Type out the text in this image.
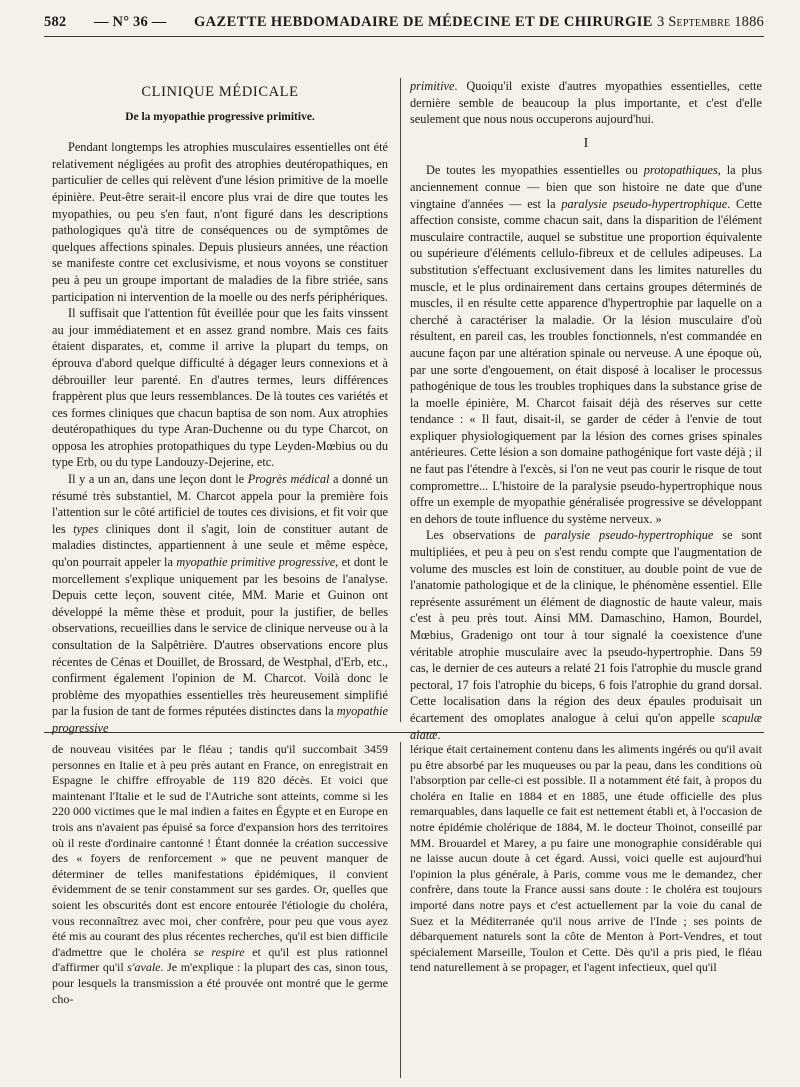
582 — N° 36 — GAZETTE HEBDOMADAIRE DE MÉDECINE ET DE CHIRURGIE 3 Septembre 1886
CLINIQUE MÉDICALE
De la myopathie progressive primitive.

Pendant longtemps les atrophies musculaires essentielles ont été relativement négligées au profit des atrophies deutéropathiques, en particulier de celles qui relèvent d'une lésion primitive de la moelle épinière. Peut-être serait-il encore plus vrai de dire que toutes les myopathies, ou peu s'en faut, n'ont figuré dans les descriptions pathologiques qu'à titre de conséquences ou de symptômes de quelques affections spinales. Depuis plusieurs années, une réaction se manifeste contre cet exclusivisme, et nous voyons se constituer peu à peu un groupe important de maladies de la fibre striée, sans participation ni intervention de la moelle ou des nerfs périphériques.

Il suffisait que l'attention fût éveillée pour que les faits vinssent au jour immédiatement et en assez grand nombre. Mais ces faits étaient disparates, et, comme il arrive la plupart du temps, on éprouva d'abord quelque difficulté à dégager leurs connexions et à débrouiller leur parenté. En d'autres termes, leurs différences frappèrent plus que leurs ressemblances. De là toutes ces variétés et ces formes cliniques que chacun baptisa de son nom. Aux atrophies deutéropathiques du type Aran-Duchenne ou du type Charcot, on opposa les atrophies protopathiques du type Leyden-Mœbius ou du type Erb, ou du type Landouzy-Dejerine, etc.

Il y a un an, dans une leçon dont le Progrès médical a donné un résumé très substantiel, M. Charcot appela pour la première fois l'attention sur le côté artificiel de toutes ces divisions, et fit voir que les types cliniques dont il s'agit, loin de constituer autant de maladies distinctes, appartiennent à une seule et même espèce, qu'on pourrait appeler la myopathie primitive progressive, et dont le morcellement s'explique uniquement par les besoins de l'analyse. Depuis cette leçon, souvent citée, MM. Marie et Guinon ont développé la même thèse et produit, pour la justifier, de belles observations, recueillies dans le service de clinique nerveuse ou à la consultation de la Salpêtrière. D'autres observations encore plus récentes de Cénas et Douillet, de Brossard, de Westphal, d'Erb, etc., confirment également l'opinion de M. Charcot. Voilà donc le problème des myopathies essentielles très heureusement simplifié par la fusion de tant de formes réputées distinctes dans la myopathie progressive

primitive. Quoiqu'il existe d'autres myopathies essentielles, cette dernière semble de beaucoup la plus importante, et c'est d'elle seulement que nous nous occuperons aujourd'hui.

I

De toutes les myopathies essentielles ou protopathiques, la plus anciennement connue — bien que son histoire ne date que d'une vingtaine d'années — est la paralysie pseudo-hypertrophique. Cette affection consiste, comme chacun sait, dans la disparition de l'élément musculaire contractile, auquel se substitue une proportion équivalente ou supérieure d'éléments cellulo-fibreux et de cellules adipeuses. La substitution s'effectuant exclusivement dans les limites naturelles du muscle, et le plus ordinairement dans certains groupes déterminés de muscles, il en résulte cette apparence d'hypertrophie par laquelle on a cherché à caractériser la maladie. Or la lésion musculaire d'où résultent, en pareil cas, les troubles fonctionnels, n'est commandée en aucune façon par une altération spinale ou nerveuse. A une époque où, par une sorte d'engouement, on était disposé à localiser le processus pathogénique de tous les troubles trophiques dans la substance grise de la moelle épinière, M. Charcot faisait déjà des réserves sur cette tendance : « Il faut, disait-il, se garder de céder à l'envie de tout expliquer physiologiquement par la lésion des cornes grises spinales antérieures. Cette lésion a son domaine pathogénique fort vaste déjà ; il ne faut pas l'étendre à l'excès, si l'on ne veut pas courir le risque de tout compromettre... L'histoire de la paralysie pseudo-hypertrophique nous offre un exemple de myopathie généralisée progressive se développant en dehors de toute influence du système nerveux. »

Les observations de paralysie pseudo-hypertrophique se sont multipliées, et peu à peu on s'est rendu compte que l'augmentation de volume des muscles est loin de constituer, au double point de vue de l'anatomie pathologique et de la clinique, le phénomène essentiel. Elle représente assurément un élément de diagnostic de haute valeur, mais c'est à peu près tout. Ainsi MM. Damaschino, Hamon, Bourdel, Mœbius, Gradenigo ont tour à tour signalé la coexistence d'une véritable atrophie musculaire avec la pseudo-hypertrophie. Dans 59 cas, le dernier de ces auteurs a relaté 21 fois l'atrophie du muscle grand pectoral, 17 fois l'atrophie du biceps, 6 fois l'atrophie du grand dorsal. Cette localisation dans la région des deux épaules produisait un écartement des omoplates analogue à celui qu'on appelle scapulæ alatæ.

de nouveau visitées par le fléau ; tandis qu'il succombait 3459 personnes en Italie et à peu près autant en France, on enregistrait en Espagne le chiffre effroyable de 119 820 décès. Et voici que maintenant l'Italie et le sud de l'Autriche sont atteints, comme si les 220 000 victimes que le mal indien a faites en Égypte et en Europe en trois ans n'avaient pas épuisé sa force d'expansion hors des territoires où il reste d'ordinaire cantonné ! Étant donnée la création successive des « foyers de renforcement » que ne peuvent manquer de déterminer de telles manifestations épidémiques, il convient évidemment de se tenir constamment sur ses gardes. Or, quelles que soient les obscurités dont est encore entourée l'étiologie du choléra, vous reconnaîtrez avec moi, cher confrère, pour peu que vous ayez été mis au courant des plus récentes recherches, qu'il est bien difficile d'admettre que le choléra se respire et qu'il est plus rationnel d'affirmer qu'il s'avale. Je m'explique : la plupart des cas, sinon tous, pour lesquels la transmission a été prouvée ont montré que le germe cho-

lérique était certainement contenu dans les aliments ingérés ou qu'il avait pu être absorbé par les muqueuses ou par la peau, dans les conditions où l'absorption par celle-ci est possible. Il a notamment été fait, à propos du choléra en Italie en 1884 et en 1885, une étude officielle des plus remarquables, dans laquelle ce fait est nettement établi et, à l'occasion de notre épidémie cholérique de 1884, M. le docteur Thoinot, conseillé par MM. Brouardel et Marey, a pu faire une monographie considérable qui ne laisse aucun doute à cet égard. Aussi, voici quelle est aujourd'hui l'opinion la plus générale, à Paris, comme vous me le demandez, cher confrère, dans toute la France aussi sans doute : le choléra est toujours importé dans notre pays et c'est actuellement par la voie du canal de Suez et la Méditerranée qu'il nous arrive de l'Inde ; ses points de débarquement naturels sont la côte de Menton à Port-Vendres, et tout spécialement Marseille, Toulon et Cette. Dès qu'il a pris pied, le fléau tend naturellement à se propager, et l'agent infectieux, quel qu'il
